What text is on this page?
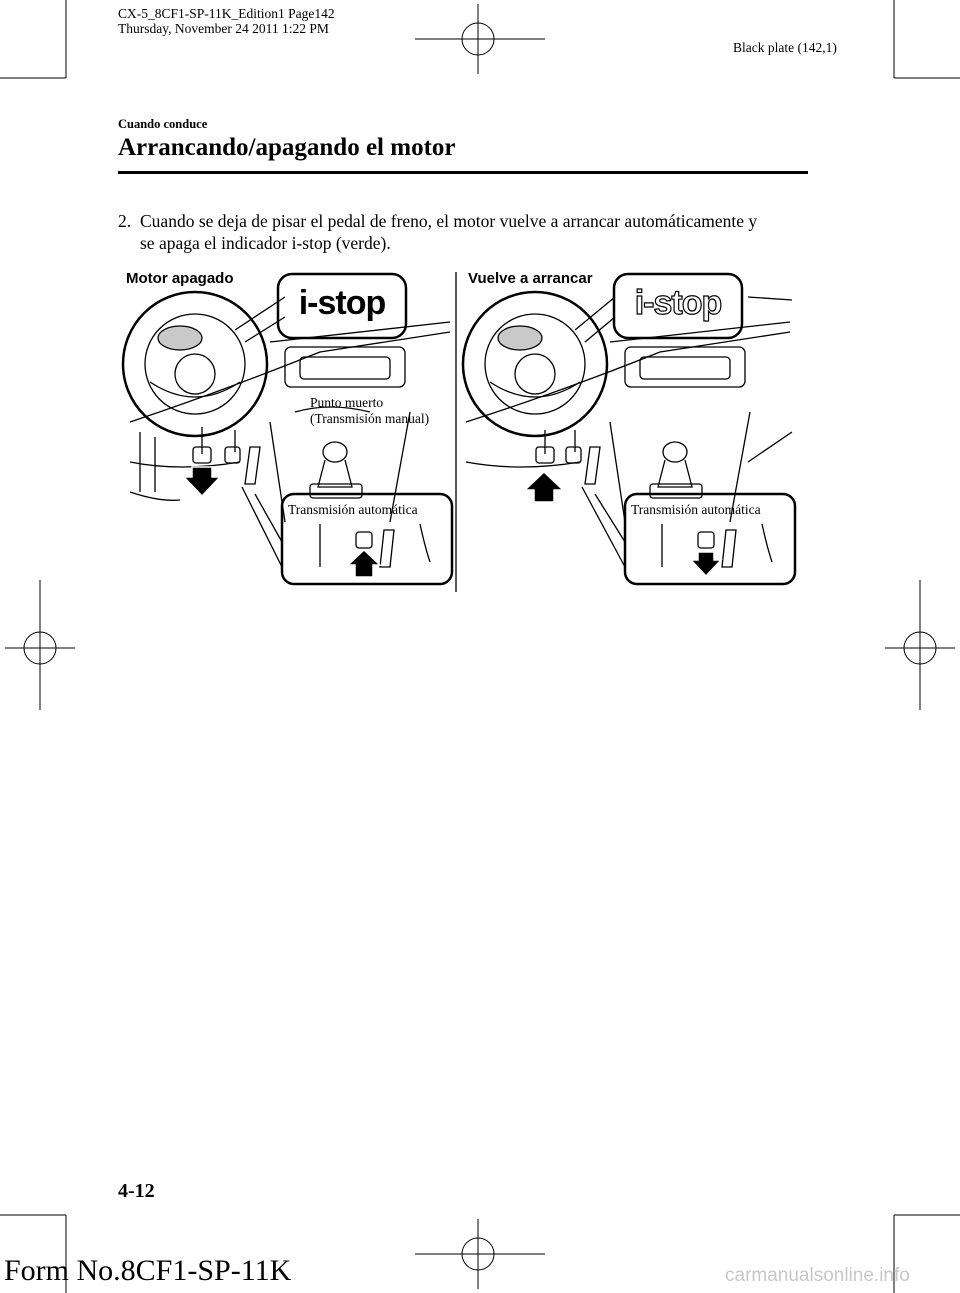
CX-5_8CF1-SP-11K_Edition1 Page142
Thursday, November 24 2011 1:22 PM
Black plate (142,1)
Cuando conduce
Arrancando/apagando el motor
2. Cuando se deja de pisar el pedal de freno, el motor vuelve a arrancar automáticamente y
se apaga el indicador i-stop (verde).
Motor apagado	Vuelve a arrancar
i-stop	i-stop
Punto muerto
(Transmisión manual)
Transmisión automática	Transmisión automática
4-12
Form No.8CF1-SP-11K	carmanualsonline.info
